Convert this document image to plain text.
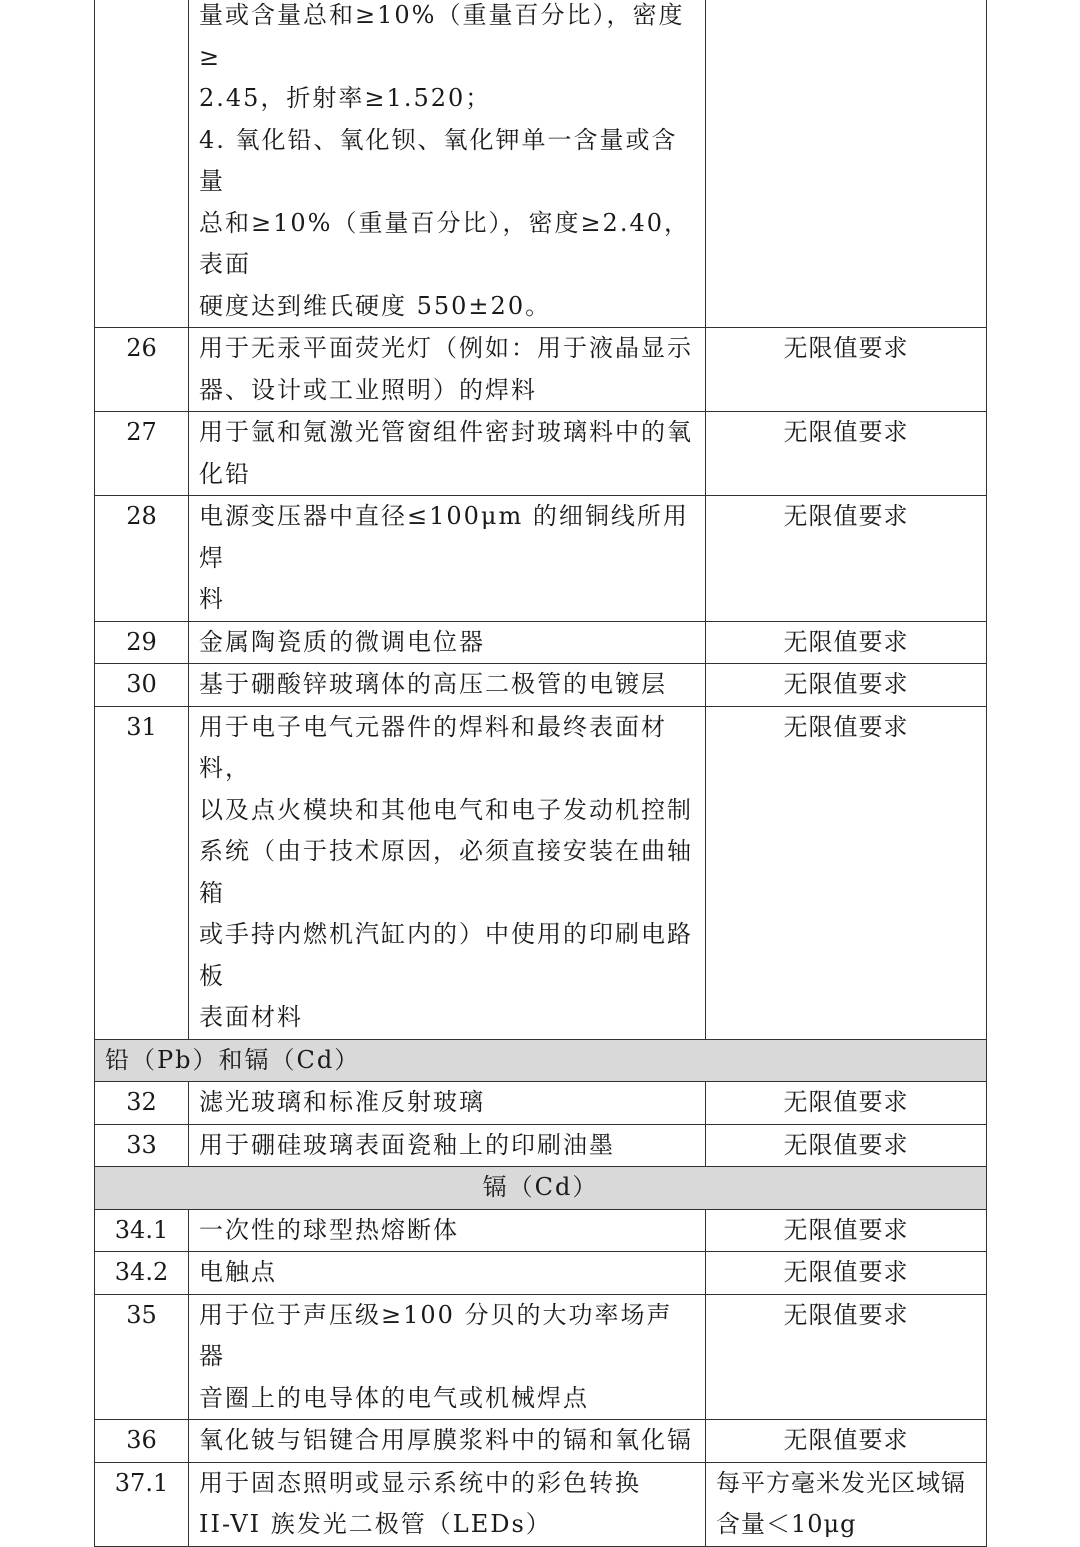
	量或含量总和≥10%（重量百分比），密度≥
2.45，折射率≥1.520；
4. 氧化铅、氧化钡、氧化钾单一含量或含量
总和≥10%（重量百分比），密度≥2.40，表面
硬度达到维氏硬度 550±20。	
26	用于无汞平面荧光灯（例如：用于液晶显示
器、设计或工业照明）的焊料	无限值要求
27	用于氩和氪激光管窗组件密封玻璃料中的氧
化铅	无限值要求
28	电源变压器中直径≤100μm 的细铜线所用焊
料	无限值要求
29	金属陶瓷质的微调电位器	无限值要求
30	基于硼酸锌玻璃体的高压二极管的电镀层	无限值要求
31	用于电子电气元器件的焊料和最终表面材料，
以及点火模块和其他电气和电子发动机控制
系统（由于技术原因，必须直接安装在曲轴箱
或手持内燃机汽缸内的）中使用的印刷电路板
表面材料	无限值要求
铅（Pb）和镉（Cd）		
32	滤光玻璃和标准反射玻璃	无限值要求
33	用于硼硅玻璃表面瓷釉上的印刷油墨	无限值要求
镉（Cd）		
34.1	一次性的球型热熔断体	无限值要求
34.2	电触点	无限值要求
35	用于位于声压级≥100 分贝的大功率场声器
音圈上的电导体的电气或机械焊点	无限值要求
36	氧化铍与铝键合用厚膜浆料中的镉和氧化镉	无限值要求
37.1	用于固态照明或显示系统中的彩色转换
II-VI 族发光二极管（LEDs）	每平方毫米发光区域镉
含量＜10μg
